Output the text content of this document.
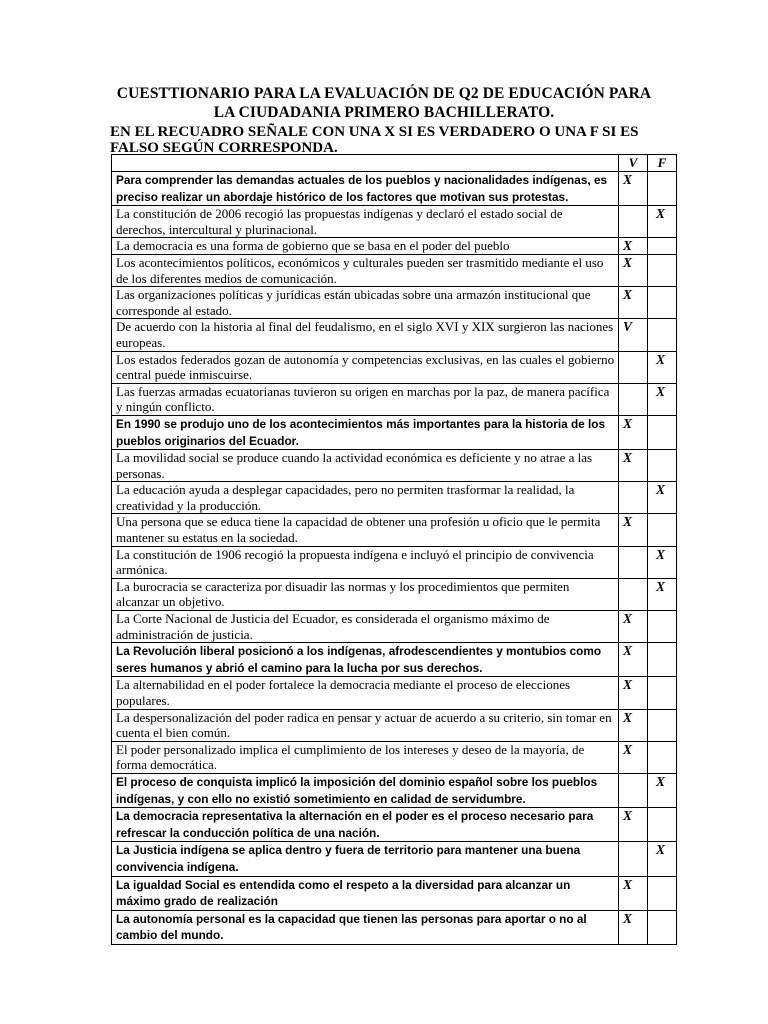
CUESTTIONARIO PARA LA EVALUACIÓN DE Q2 DE EDUCACIÓN PARA
LA CIUDADANIA PRIMERO BACHILLERATO.
EN EL RECUADRO SEÑALE CON UNA X SI ES VERDADERO O UNA F SI ES FALSO SEGÚN CORRESPONDA.
	V	F
Para comprender las demandas actuales de los pueblos y nacionalidades indígenas, es preciso realizar un abordaje histórico de los factores que motivan sus protestas.	X	
La constitución de 2006 recogió las propuestas indígenas y declaró el estado social de derechos, intercultural y plurinacional.		X
La democracia es una forma de gobierno que se basa en el poder del pueblo	X	
Los acontecimientos políticos, económicos y culturales pueden ser trasmitido mediante el uso de los diferentes medios de comunicación.	X	
Las organizaciones políticas y jurídicas están ubicadas sobre una armazón institucional que corresponde al estado.	X	
De acuerdo con la historia al final del feudalismo, en el siglo XVI y XIX surgieron las naciones europeas.	V	
Los estados federados gozan de autonomía y competencias exclusivas, en las cuales el gobierno central puede inmiscuirse.		X
Las fuerzas armadas ecuatorianas tuvieron su origen en marchas por la paz, de manera pacífica y ningún conflicto.		X
En 1990 se produjo uno de los acontecimientos más importantes para la historia de los pueblos originarios del Ecuador.	X	
La movilidad social se produce cuando la actividad económica es deficiente y no atrae a las personas.	X	
La educación ayuda a desplegar capacidades, pero no permiten trasformar la realidad, la creatividad y la producción.		X
Una persona que se educa tiene la capacidad de obtener una profesión u oficio que le permita mantener su estatus en la sociedad.	X	
La constitución de 1906 recogió la propuesta indígena e incluyó el principio de convivencia armónica.		X
La burocracia se caracteriza por disuadir las normas y los procedimientos que permiten alcanzar un objetivo.		X
La Corte Nacional de Justicia del Ecuador, es considerada el organismo máximo de administración de justicia.	X	
La Revolución liberal posicionó a los indígenas, afrodescendientes y montubios como seres humanos y abrió el camino para la lucha por sus derechos.	X	
La alternabilidad en el poder fortalece la democracia mediante el proceso de elecciones populares.	X	
La despersonalización del poder radica en pensar y actuar de acuerdo a su criterio, sin tomar en cuenta el bien común.	X	
El poder personalizado implica el cumplimiento de los intereses y deseo de la mayoría, de forma democrática.	X	
El proceso de conquista implicó la imposición del dominio español sobre los pueblos indígenas, y con ello no existió sometimiento en calidad de servidumbre.		X
La democracia representativa la alternación en el poder es el proceso necesario para refrescar la conducción política de una nación.	X	
La Justicia indígena se aplica dentro y fuera de territorio para mantener una buena convivencia indígena.		X
La igualdad Social es entendida como el respeto a la diversidad para alcanzar un máximo grado de realización	X	
La autonomía personal es la capacidad que tienen las personas para aportar o no al cambio del mundo.	X	
